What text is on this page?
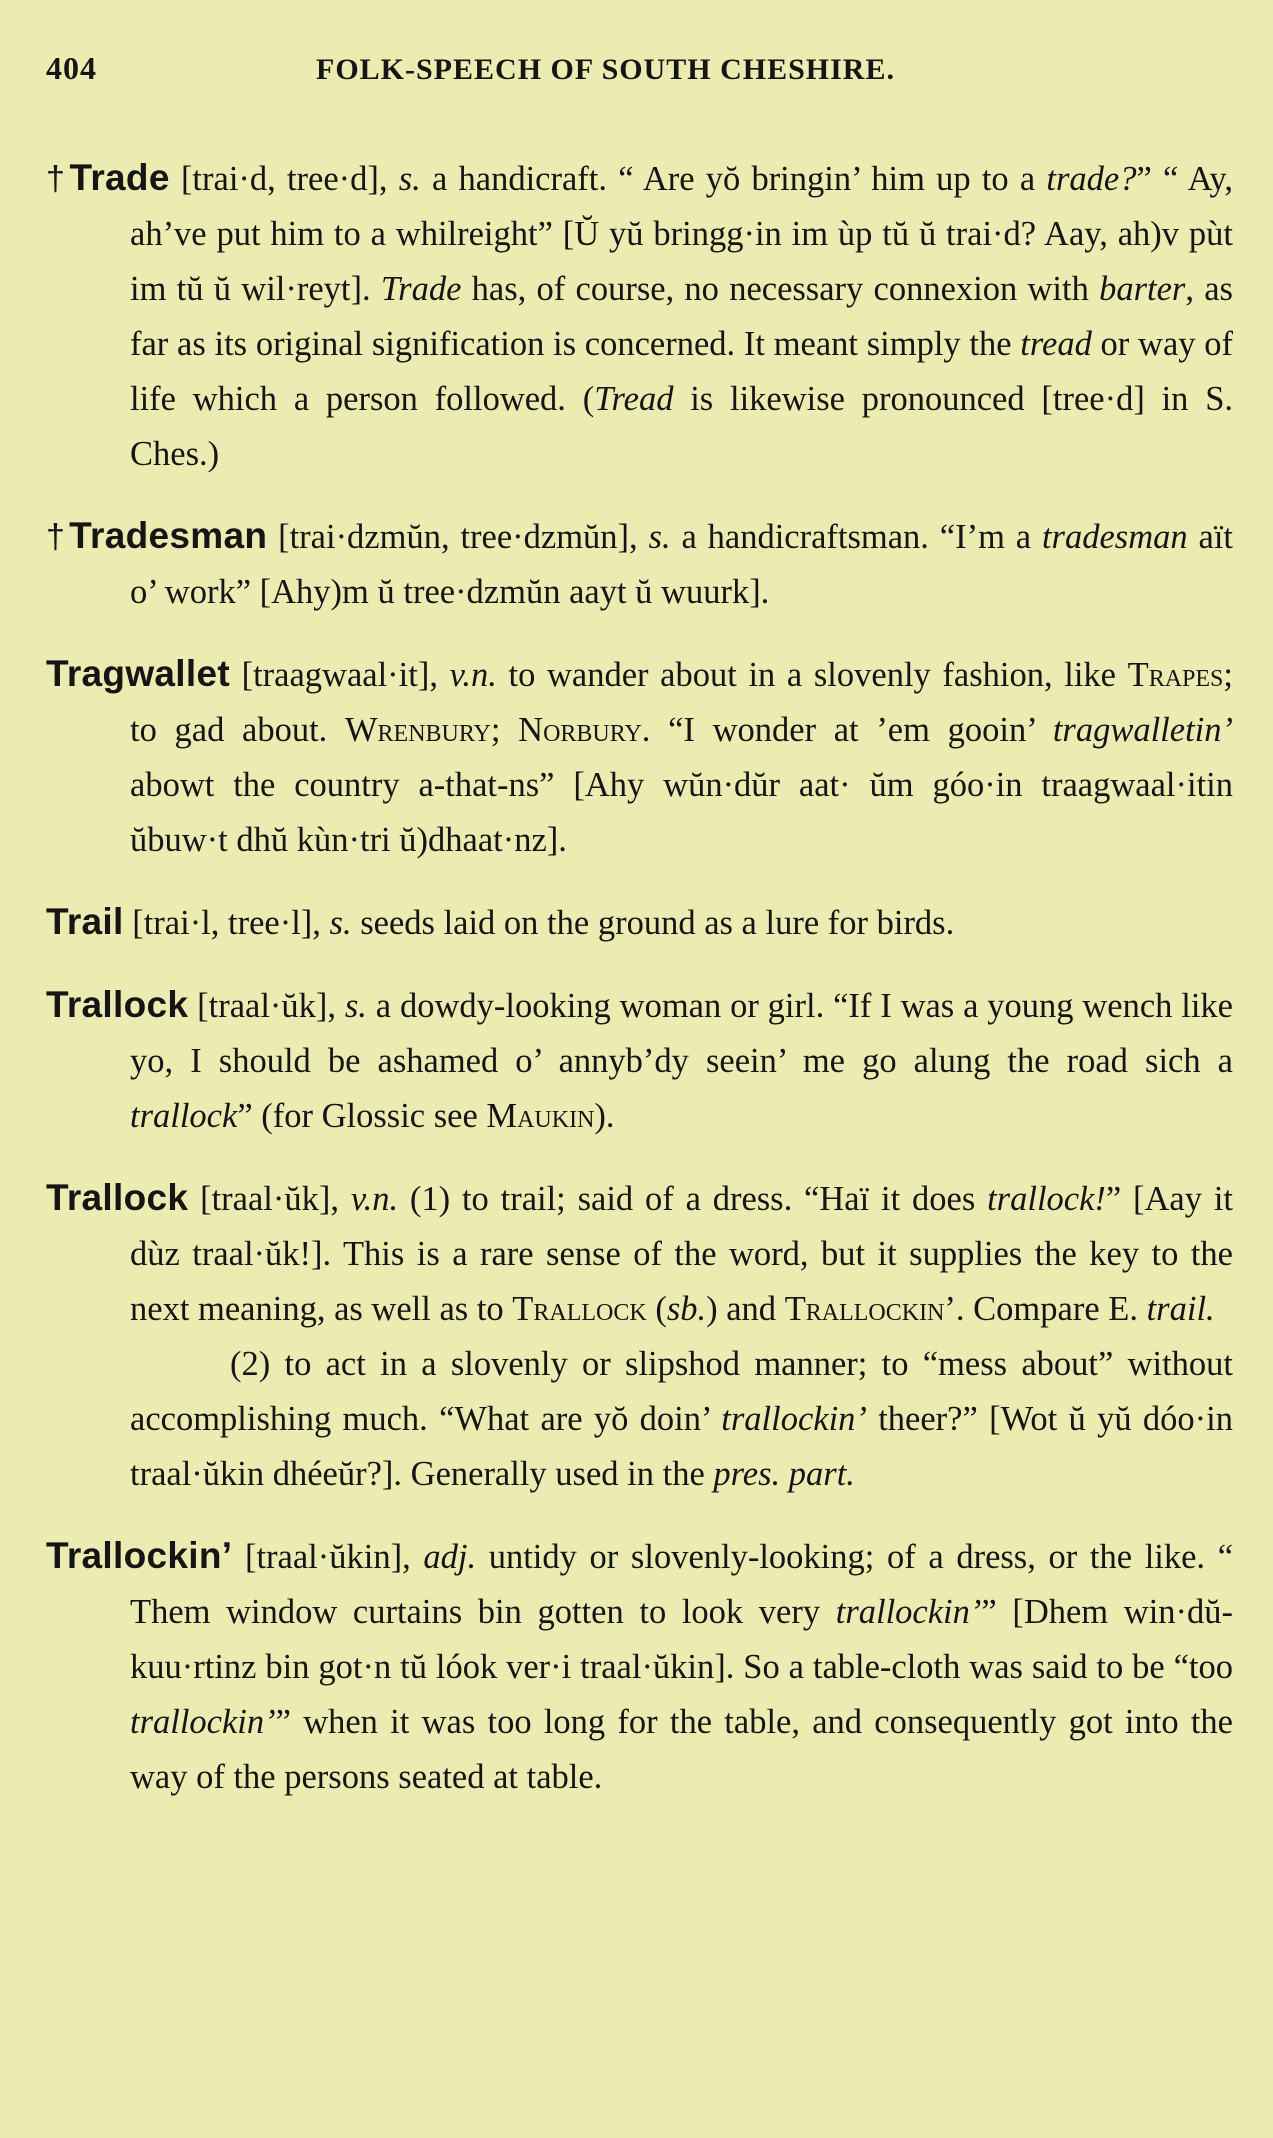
404	FOLK-SPEECH OF SOUTH CHESHIRE.

†Trade [trai·d, tree·d], s. a handicraft. “ Are yŏ bringin’ him up to a trade?” “ Ay, ah’ve put him to a whilreight” [Ŭ yŭ bringg·in im ùp tŭ ŭ trai·d? Aay, ah)v pùt im tŭ ŭ wil·reyt]. Trade has, of course, no necessary connexion with barter, as far as its original signification is concerned. It meant simply the tread or way of life which a person followed. (Tread is likewise pronounced [tree·d] in S. Ches.)

†Tradesman [trai·dzmŭn, tree·dzmŭn], s. a handicraftsman. “I’m a tradesman aït o’ work” [Ahy)m ŭ tree·dzmŭn aayt ŭ wuurk].

Tragwallet [traagwaal·it], v.n. to wander about in a slovenly fashion, like Trapes; to gad about. Wrenbury; Norbury. “I wonder at ’em gooin’ tragwalletin’ abowt the country a-that-ns” [Ahy wŭn·dŭr aat· ŭm góo·in traagwaal·itin ŭbuw·t dhŭ kùn·tri ŭ)dhaat·nz].

Trail [trai·l, tree·l], s. seeds laid on the ground as a lure for birds.

Trallock [traal·ŭk], s. a dowdy-looking woman or girl. “If I was a young wench like yo, I should be ashamed o’ annyb’dy seein’ me go alung the road sich a trallock” (for Glossic see Maukin).

Trallock [traal·ŭk], v.n. (1) to trail; said of a dress. “Haï it does trallock!” [Aay it dùz traal·ŭk!]. This is a rare sense of the word, but it supplies the key to the next meaning, as well as to Trallock (sb.) and Trallockin’. Compare E. trail.
(2) to act in a slovenly or slipshod manner; to “mess about” without accomplishing much. “What are yŏ doin’ trallockin’ theer?” [Wot ŭ yŭ dóo·in traal·ŭkin dhéeŭr?]. Generally used in the pres. part.

Trallockin’ [traal·ŭkin], adj. untidy or slovenly-looking; of a dress, or the like. “ Them window curtains bin gotten to look very trallockin’” [Dhem win·dŭ-kuu·rtinz bin got·n tŭ lóok ver·i traal·ŭkin]. So a table-cloth was said to be “too trallockin’” when it was too long for the table, and consequently got into the way of the persons seated at table.
